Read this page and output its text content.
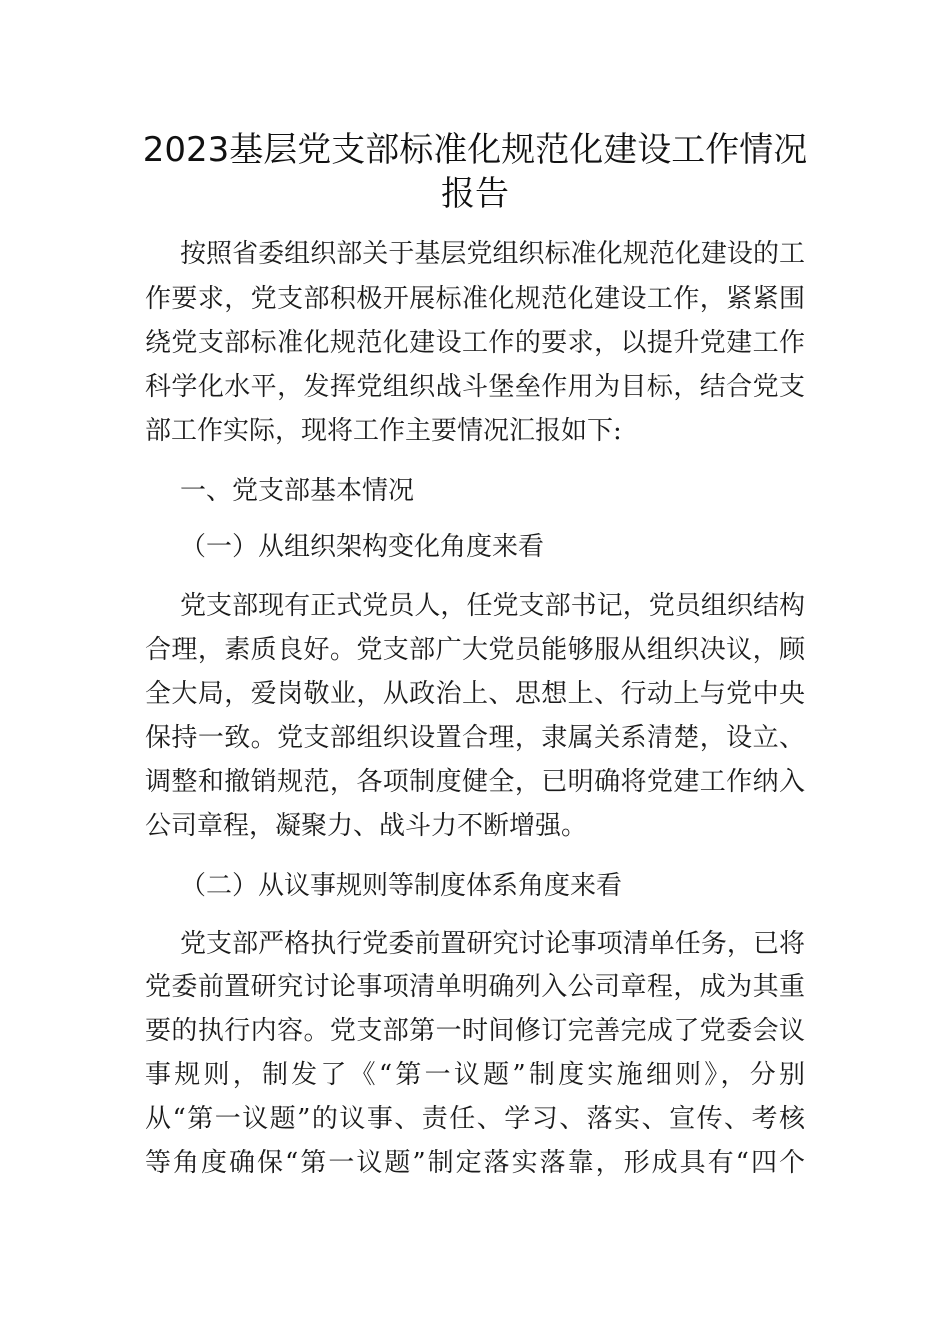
2023基层党支部标准化规范化建设工作情况
报告
按照省委组织部关于基层党组织标准化规范化建设的工
作要求，党支部积极开展标准化规范化建设工作，紧紧围
绕党支部标准化规范化建设工作的要求，以提升党建工作
科学化水平，发挥党组织战斗堡垒作用为目标，结合党支
部工作实际，现将工作主要情况汇报如下:
一、党支部基本情况
（一）从组织架构变化角度来看
党支部现有正式党员人，任党支部书记，党员组织结构
合理，素质良好。党支部广大党员能够服从组织决议，顾
全大局，爱岗敬业，从政治上、思想上、行动上与党中央
保持一致。党支部组织设置合理，隶属关系清楚，设立、
调整和撤销规范，各项制度健全，已明确将党建工作纳入
公司章程，凝聚力、战斗力不断增强。
（二）从议事规则等制度体系角度来看
党支部严格执行党委前置研究讨论事项清单任务，已将
党委前置研究讨论事项清单明确列入公司章程，成为其重
要的执行内容。党支部第一时间修订完善完成了党委会议
事规则，制发了《“第一议题”制度实施细则》，分别
从“第一议题”的议事、责任、学习、落实、宣传、考核
等角度确保“第一议题”制定落实落靠，形成具有“四个
